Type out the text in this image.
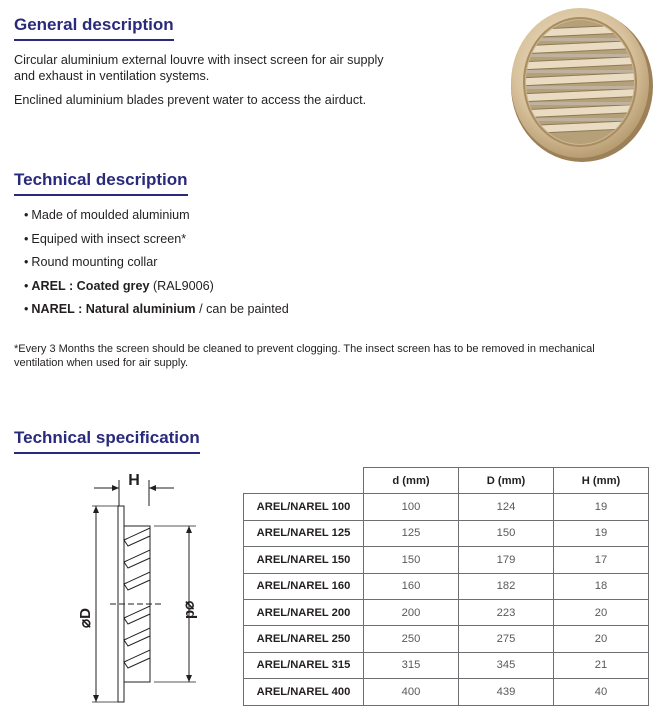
General description
Circular aluminium external louvre with insect screen for air supply
and exhaust in ventilation systems.
Enclined aluminium blades prevent water to access the airduct.
Technical description
• Made of moulded aluminium
• Equiped with insect screen*
• Round mounting collar
• AREL : Coated grey (RAL9006)
• NAREL : Natural aluminium / can be painted
*Every 3 Months the screen should be cleaned to prevent clogging. The insect screen has to be removed in mechanical
ventilation when used for air supply.
Technical specification
H
⌀D	⌀d
	d (mm)	D (mm)	H (mm)
AREL/NAREL 100	100	124	19
AREL/NAREL 125	125	150	19
AREL/NAREL 150	150	179	17
AREL/NAREL 160	160	182	18
AREL/NAREL 200	200	223	20
AREL/NAREL 250	250	275	20
AREL/NAREL 315	315	345	21
AREL/NAREL 400	400	439	40
